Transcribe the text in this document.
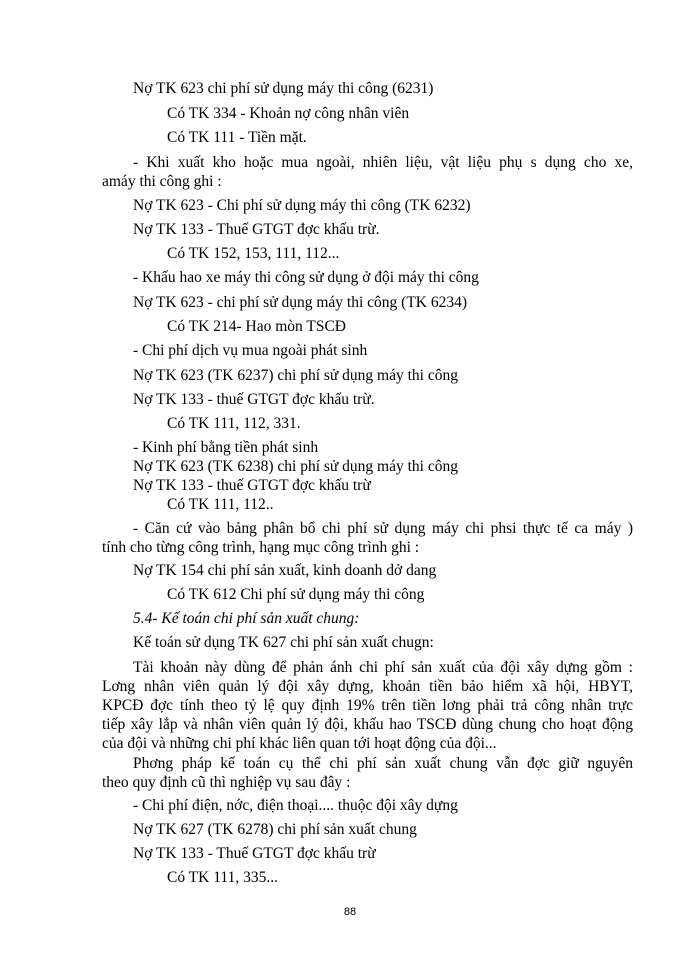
Nợ TK 623 chi phí sử dụng máy thi công (6231)
Có TK 334 - Khoản nợ công nhân viên
Có TK 111 - Tiền mặt.
- Khi xuất kho hoặc mua ngoài, nhiên liệu, vật liệu phụ s dụng cho xe,
amáy thi công ghi :
Nợ TK 623 - Chi phí sử dụng máy thi công (TK 6232)
Nợ TK 133 - Thuế GTGT đợc khấu trừ.
Có TK 152, 153, 111, 112...
- Khấu hao xe máy thi công sử dụng ở đội máy thi công
Nợ TK 623 - chi phí sử dụng máy thi công (TK 6234)
Có TK 214- Hao mòn TSCĐ
- Chi phí dịch vụ mua ngoài phát sinh
Nợ TK 623 (TK 6237) chi phí sử dụng máy thi công
Nợ TK 133 - thuế GTGT đợc khấu trừ.
Có TK 111, 112, 331.
- Kinh phí bằng tiền phát sinh
Nợ TK 623 (TK 6238) chi phí sử dụng máy thi công
Nợ TK 133 - thuế GTGT đợc khấu trừ
Có TK 111, 112..
- Căn cứ vào bảng phân bổ chi phí sử dụng máy chi phsi thực tế ca máy )
tính cho từng công trình, hạng mục công trình ghi :
Nợ TK 154 chi phí sản xuất, kinh doanh dở dang
Có TK 612 Chi phí sử dụng máy thi công
5.4- Kế toán chi phí sản xuất chung:
Kế toán sử dụng TK 627 chi phí sản xuất chugn:
Tài khoản này dùng để phản ánh chi phí sản xuất của đội xây dựng gồm :
Lơng nhân viên quản lý đội xây dựng, khoản tiền bảo hiểm xã hội, HBYT,
KPCĐ đợc tính theo tỷ lệ quy định 19% trên tiền lơng phải trả công nhân trực
tiếp xây lắp và nhân viên quản lý đội, khấu hao TSCĐ dùng chung cho hoạt động
của đội và những chi phí khác liên quan tới hoạt động của đội...
Phơng pháp kế toán cụ thể chi phí sản xuất chung vẫn đợc giữ nguyên
theo quy định cũ thì nghiệp vụ sau đây :
- Chi phí điện, nớc, điện thoại.... thuộc đội xây dựng
Nợ TK 627 (TK 6278) chi phí sản xuất chung
Nợ TK 133 - Thuế GTGT đợc khấu trừ
Có TK 111, 335...
88
